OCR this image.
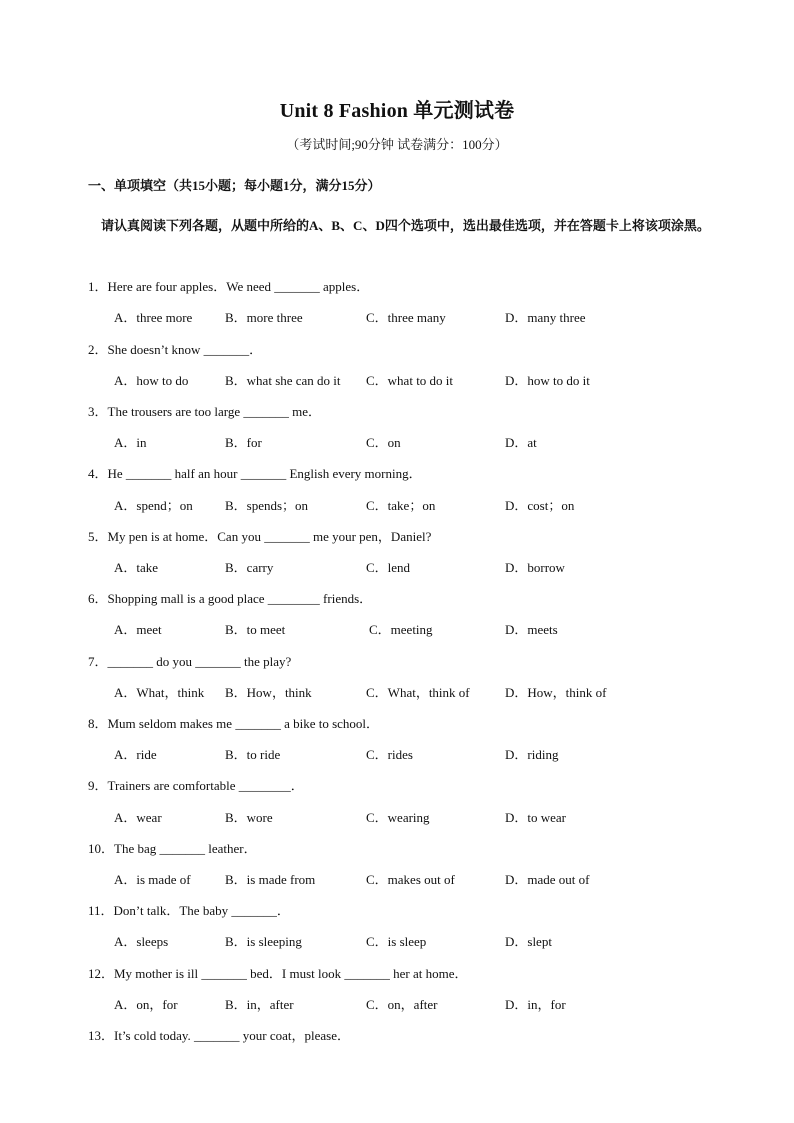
Unit 8 Fashion 单元测试卷
（考试时间;90分钟 试卷满分：100分）
一、单项填空（共15小题；每小题1分，满分15分）
请认真阅读下列各题，从题中所给的A、B、C、D四个选项中，选出最佳选项，并在答题卡上将该项涂黑。
1．Here are four apples．We need _______ apples．
A．three more	B．more three	C．three many	D．many three
2．She doesn’t know _______．
A．how to do	B．what she can do it C．what to do it	D．how to do it
3．The trousers are too large _______ me．
A．in	B．for	C．on	D．at
4．He _______ half an hour _______ English every morning．
A．spend；on B．spends；on	C．take；on	D．cost；on
5．My pen is at home．Can you _______ me your pen，Daniel?
A．take	B．carry	C．lend	D．borrow
6．Shopping mall is a good place ________ friends．
A．meet	B．to meet	C．meeting	D．meets
7．_______ do you _______ the play?
A．What，think B．How，think	C．What，think of	D．How，think of
8．Mum seldom makes me _______ a bike to school．
A．ride	B．to ride	C．rides	D．riding
9．Trainers are comfortable ________．
A．wear	B．wore	C．wearing	D．to wear
10．The bag _______ leather．
A．is made of	B．is made from	C．makes out of	D．made out of
11．Don’t talk．The baby _______．
A．sleeps	B．is sleeping	C．is sleep	D．slept
12．My mother is ill _______ bed．I must look _______ her at home．
A．on，for	B．in，after	C．on，after	D．in，for
13．It’s cold today. _______ your coat，please．
